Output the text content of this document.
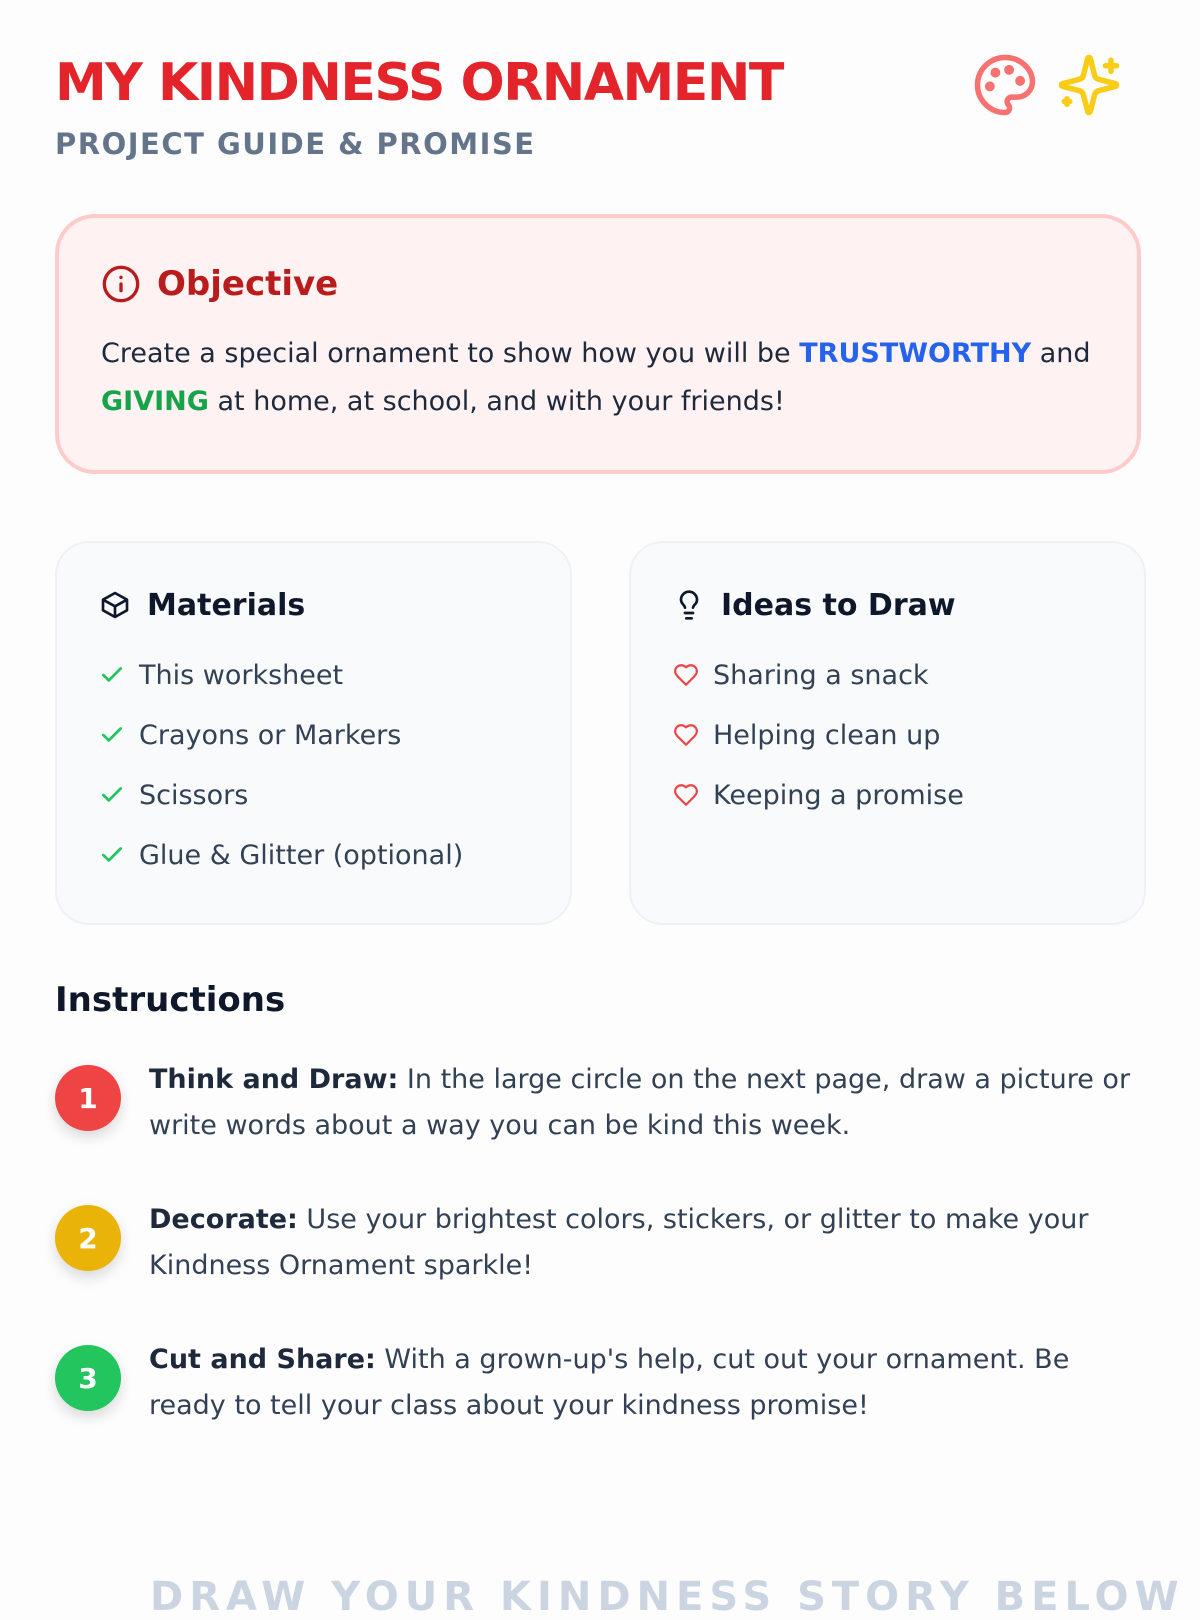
MY KINDNESS ORNAMENT

PROJECT GUIDE & PROMISE

Objective

Create a special ornament to show how you will be TRUSTWORTHY and GIVING at home, at school, and with your friends!

Materials
This worksheet
Crayons or Markers
Scissors
Glue & Glitter (optional)
Ideas to Draw
Sharing a snack
Helping clean up
Keeping a promise
Instructions
1
Think and Draw: In the large circle on the next page, draw a picture or write words about a way you can be kind this week.
2
Decorate: Use your brightest colors, stickers, or glitter to make your Kindness Ornament sparkle!
3
Cut and Share: With a grown-up's help, cut out your ornament. Be ready to tell your class about your kindness promise!

DRAW YOUR KINDNESS STORY BELOW
